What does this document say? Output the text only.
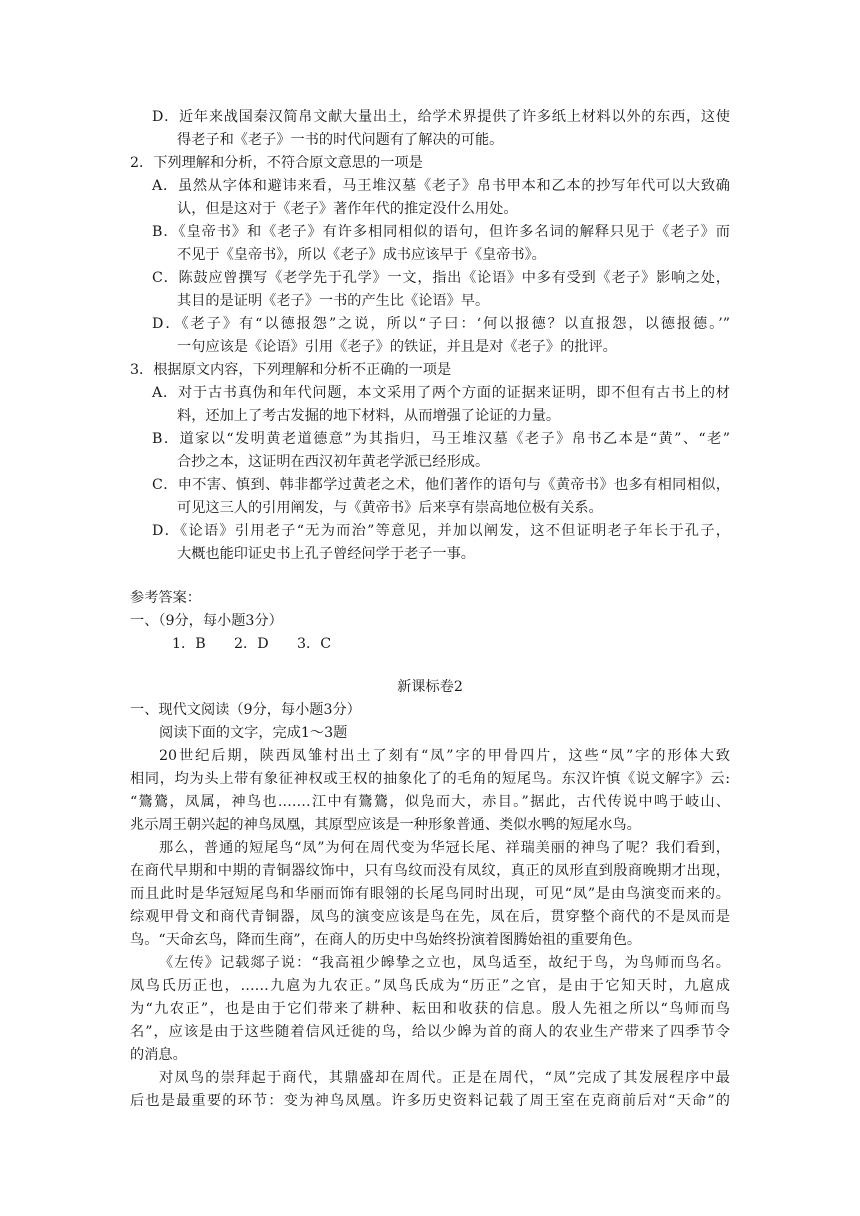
D．近年来战国秦汉简帛文献大量出土，给学术界提供了许多纸上材料以外的东西，这使
得老子和《老子》一书的时代问题有了解决的可能。
2．下列理解和分析，不符合原文意思的一项是
A．虽然从字体和避讳来看，马王堆汉墓《老子》帛书甲本和乙本的抄写年代可以大致确
认，但是这对于《老子》著作年代的推定没什么用处。
B．《皇帝书》和《老子》有许多相同相似的语句，但许多名词的解释只见于《老子》而
不见于《皇帝书》，所以《老子》成书应该早于《皇帝书》。
C．陈鼓应曾撰写《老学先于孔学》一文，指出《论语》中多有受到《老子》影响之处，
其目的是证明《老子》一书的产生比《论语》早。
D．《老子》有“以德报怨”之说，所以“子曰：‘何以报德？以直报怨，以德报德。’”
一句应该是《论语》引用《老子》的铁证，并且是对《老子》的批评。
3．根据原文内容，下列理解和分析不正确的一项是
A．对于古书真伪和年代问题，本文采用了两个方面的证据来证明，即不但有古书上的材
料，还加上了考古发掘的地下材料，从而增强了论证的力量。
B．道家以“发明黄老道德意”为其指归，马王堆汉墓《老子》帛书乙本是“黄”、“老”
合抄之本，这证明在西汉初年黄老学派已经形成。
C．申不害、慎到、韩非都学过黄老之术，他们著作的语句与《黄帝书》也多有相同相似，
可见这三人的引用阐发，与《黄帝书》后来享有崇高地位极有关系。
D．《论语》引用老子“无为而治”等意见，并加以阐发，这不但证明老子年长于孔子，
大概也能印证史书上孔子曾经问学于老子一事。
参考答案：
一、（9分，每小题3分）
1．B　　2．D　　3．C
新课标卷2
一、现代文阅读（9分，每小题3分）
阅读下面的文字，完成1～3题
20世纪后期，陕西凤雏村出土了刻有“凤”字的甲骨四片，这些“凤”字的形体大致
相同，均为头上带有象征神权或王权的抽象化了的毛角的短尾鸟。东汉许慎《说文解字》云:
“鷟鷟，凤属，神鸟也.……江中有鷟鷟，似凫而大，赤目。”据此，古代传说中鸣于岐山、
兆示周王朝兴起的神鸟凤凰，其原型应该是一种形象普通、类似水鸭的短尾水鸟。
那么，普通的短尾鸟“凤”为何在周代变为华冠长尾、祥瑞美丽的神鸟了呢？我们看到，
在商代早期和中期的青铜器纹饰中，只有鸟纹而没有凤纹，真正的凤形直到殷商晚期才出现，
而且此时是华冠短尾鸟和华丽而饰有眼翎的长尾鸟同时出现，可见“凤”是由鸟演变而来的。
综观甲骨文和商代青铜器，凤鸟的演变应该是鸟在先，凤在后，贯穿整个商代的不是凤而是
鸟。“天命玄鸟，降而生商”，在商人的历史中鸟始终扮演着图腾始祖的重要角色。
《左传》记载郯子说：“我高祖少皞挚之立也，凤鸟适至，故纪于鸟，为鸟师而鸟名。
凤鸟氏历正也，……九扈为九农正。”凤鸟氏成为“历正”之官，是由于它知天时，九扈成
为“九农正”，也是由于它们带来了耕种、耘田和收获的信息。殷人先祖之所以“鸟师而鸟
名”，应该是由于这些随着信风迁徙的鸟，给以少皞为首的商人的农业生产带来了四季节令
的消息。
对凤鸟的崇拜起于商代，其鼎盛却在周代。正是在周代，“凤”完成了其发展程序中最
后也是最重要的环节：变为神鸟凤凰。许多历史资料记载了周王室在克商前后对“天命”的
